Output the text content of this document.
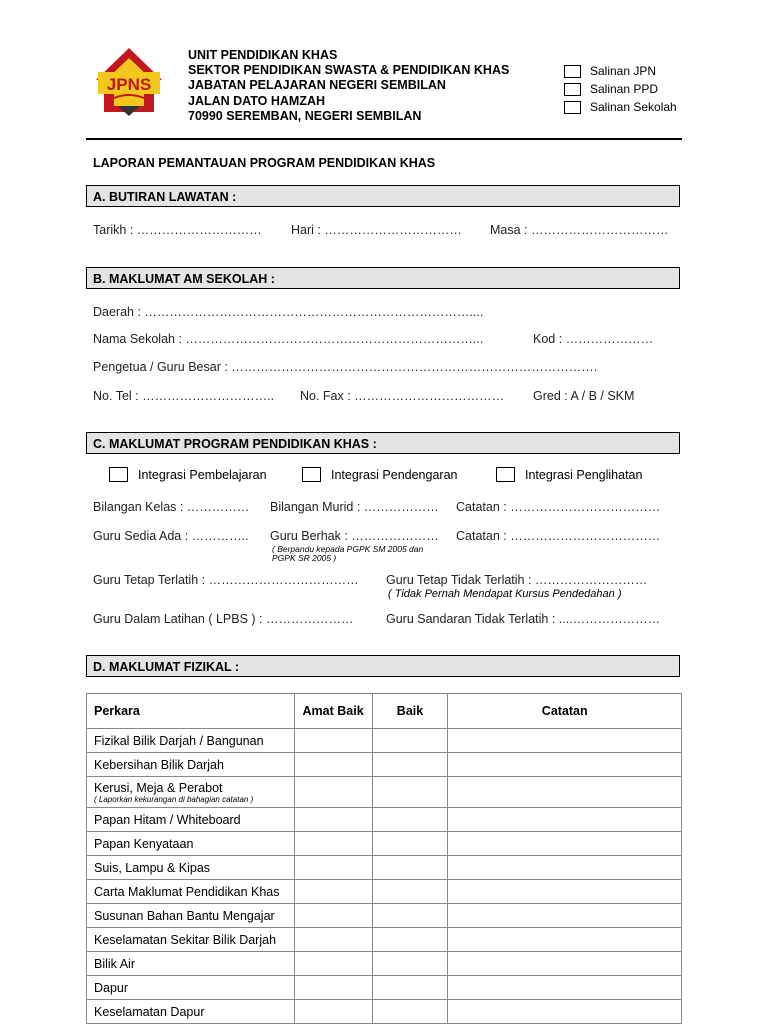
JPNS
UNIT PENDIDIKAN KHAS
SEKTOR PENDIDIKAN SWASTA & PENDIDIKAN KHAS
JABATAN PELAJARAN NEGERI SEMBILAN
JALAN DATO HAMZAH
70990 SEREMBAN, NEGERI SEMBILAN
Salinan JPN
Salinan PPD
Salinan Sekolah
LAPORAN PEMANTAUAN PROGRAM PENDIDIKAN KHAS
A. BUTIRAN LAWATAN :
Tarikh : ………………………… Hari : …………………………… Masa : ……………………………
B. MAKLUMAT AM SEKOLAH :
Daerah : ……………………………………………………………………....
Nama Sekolah : ……………………………………………………………...	Kod : …………………
Pengetua / Guru Besar : …………………………………………………………………………….
No. Tel : ………………………….. No. Fax : ……………………………… Gred : A / B / SKM
C. MAKLUMAT PROGRAM PENDIDIKAN KHAS :
Integrasi Pembelajaran	Integrasi Pendengaran	Integrasi Penglihatan
Bilangan Kelas : …………… Bilangan Murid : ……………… Catatan : ………………………………
Guru Sedia Ada : ………….. Guru Berhak : …………………
( Berpandu kepada PGPK SM 2005 dan
PGPK SR 2005 )
Catatan : ………………………………
Guru Tetap Terlatih : ……………………………… Guru Tetap Tidak Terlatih : ………………………
( Tidak Pernah Mendapat Kursus Pendedahan )
Guru Dalam Latihan ( LPBS ) : …………………	Guru Sandaran Tidak Terlatih : ....…………………
D. MAKLUMAT FIZIKAL :
Perkara	Amat Baik	Baik	Catatan
Fizikal Bilik Darjah / Bangunan			
Kebersihan Bilik Darjah			
Kerusi, Meja & Perabot
( Laporkan kekurangan di bahagian catatan )			

Papan Hitam / Whiteboard			
Papan Kenyataan			
Suis, Lampu & Kipas			
Carta Maklumat Pendidikan Khas			
Susunan Bahan Bantu Mengajar			
Keselamatan Sekitar Bilik Darjah			
Bilik Air			
Dapur			
Keselamatan Dapur			
